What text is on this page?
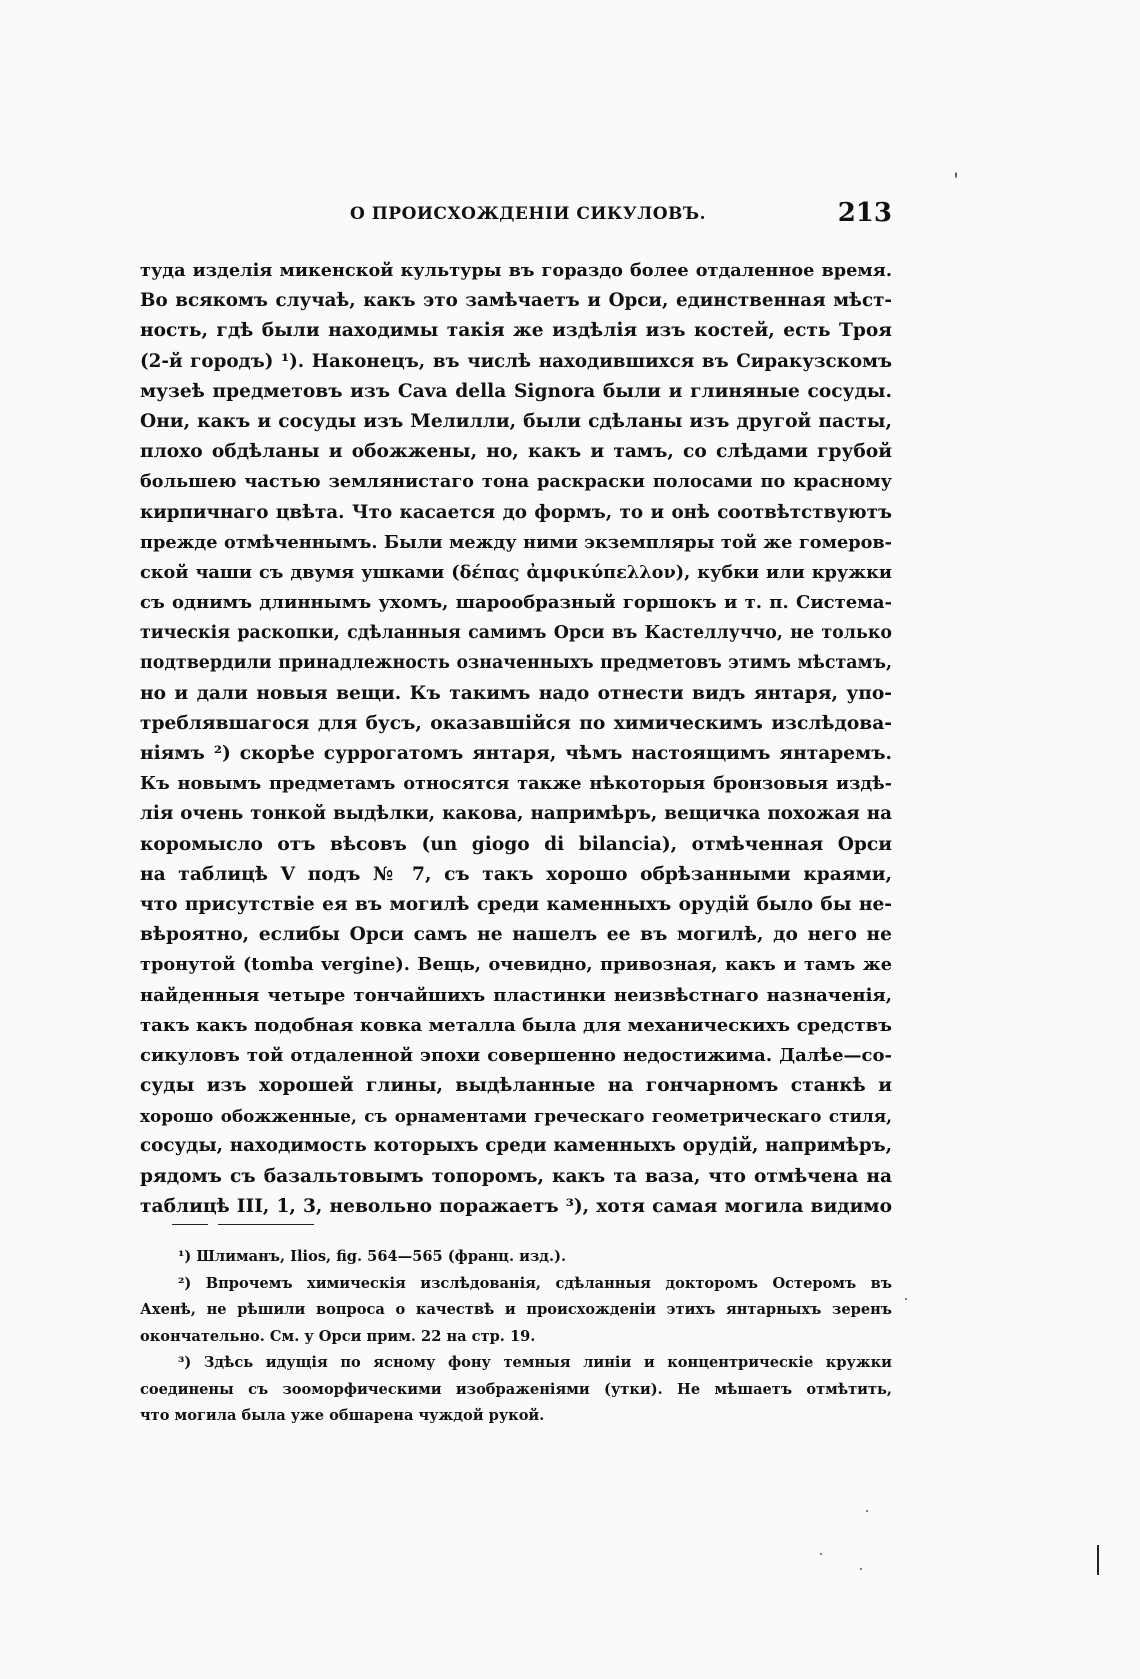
О ПРОИСХОЖДЕНІИ СИКУЛОВЪ.	213
туда изделія микенской культуры въ гораздо более отдаленное время.
Во всякомъ случаѣ, какъ это замѣчаетъ и Орси, единственная мѣст-
ность, гдѣ были находимы такія же издѣлія изъ костей, есть Троя
(2-й городъ) ¹). Наконецъ, въ числѣ находившихся въ Сиракузскомъ
музеѣ предметовъ изъ Cava della Signora были и глиняные сосуды.
Они, какъ и сосуды изъ Мелилли, были сдѣланы изъ другой пасты,
плохо обдѣланы и обожжены, но, какъ и тамъ, со слѣдами грубой
большею частью землянистаго тона раскраски полосами по красному
кирпичнаго цвѣта. Что касается до формъ, то и онѣ соотвѣтствуютъ
прежде отмѣченнымъ. Были между ними экземпляры той же гомеров-
ской чаши съ двумя ушками (δέπας ἀμφικύπελλον), кубки или кружки
съ однимъ длиннымъ ухомъ, шарообразный горшокъ и т. п. Система-
тическія раскопки, сдѣланныя самимъ Орси въ Кастеллуччо, не только
подтвердили принадлежность означенныхъ предметовъ этимъ мѣстамъ,
но и дали новыя вещи. Къ такимъ надо отнести видъ янтаря, упо-
треблявшагося для бусъ, оказавшійся по химическимъ изслѣдова-
ніямъ ²) скорѣе суррогатомъ янтаря, чѣмъ настоящимъ янтаремъ.
Къ новымъ предметамъ относятся также нѣкоторыя бронзовыя издѣ-
лія очень тонкой выдѣлки, какова, напримѣръ, вещичка похожая на
коромысло отъ вѣсовъ (un giogo di bilancia), отмѣченная Орси
на таблицѣ V подъ № 7, съ такъ хорошо обрѣзанными краями,
что присутствіе ея въ могилѣ среди каменныхъ орудій было бы не-
вѣроятно, еслибы Орси самъ не нашелъ ее въ могилѣ, до него не
тронутой (tomba vergine). Вещь, очевидно, привозная, какъ и тамъ же
найденныя четыре тончайшихъ пластинки неизвѣстнаго назначенія,
такъ какъ подобная ковка металла была для механическихъ средствъ
сикуловъ той отдаленной эпохи совершенно недостижима. Далѣе—со-
суды изъ хорошей глины, выдѣланные на гончарномъ станкѣ и
хорошо обожженные, съ орнаментами греческаго геометрическаго стиля,
сосуды, находимость которыхъ среди каменныхъ орудій, напримѣръ,
рядомъ съ базальтовымъ топоромъ, какъ та ваза, что отмѣчена на
таблицѣ III, 1, 3, невольно поражаетъ ³), хотя самая могила видимо
¹) Шлиманъ, Ilios, fig. 564—565 (франц. изд.).
²) Впрочемъ химическія изслѣдованія, сдѣланныя докторомъ Остеромъ въ
Ахенѣ, не рѣшили вопроса о качествѣ и происхожденіи этихъ янтарныхъ зеренъ
окончательно. См. у Орси прим. 22 на стр. 19.
³) Здѣсь идущія по ясному фону темныя линіи и концентрическіе кружки
соединены съ зооморфическими изображеніями (утки). Не мѣшаетъ отмѣтить,
что могила была уже обшарена чуждой рукой.
